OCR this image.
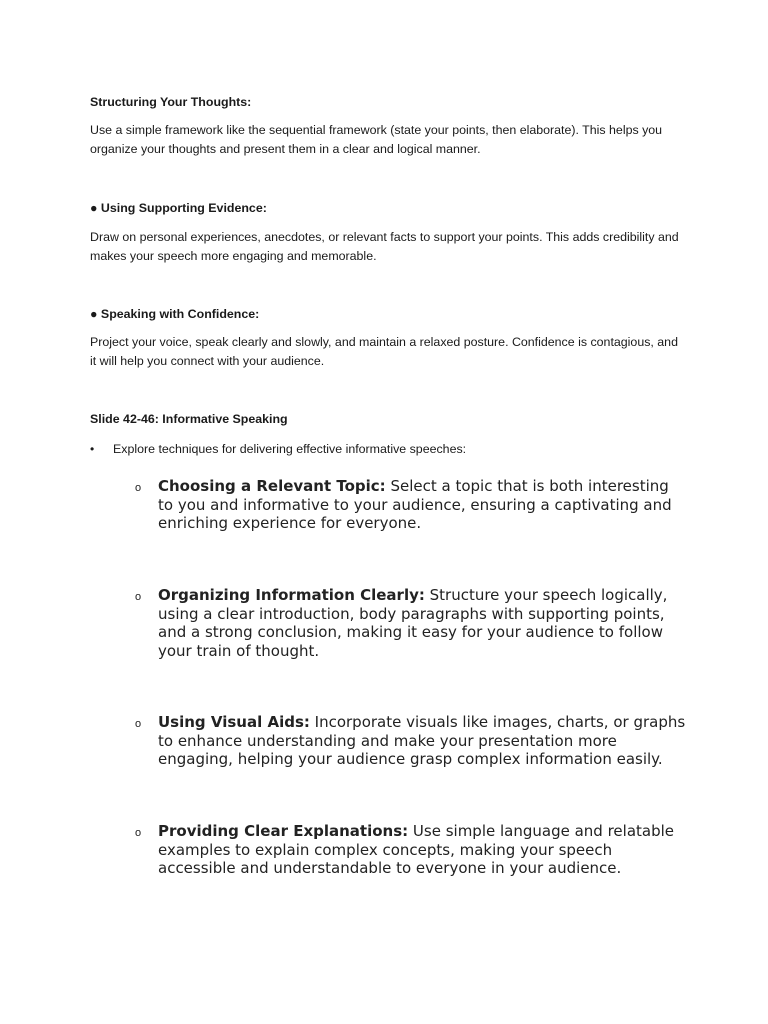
Structuring Your Thoughts:
Use a simple framework like the sequential framework (state your points, then elaborate). This helps you organize your thoughts and present them in a clear and logical manner.
● Using Supporting Evidence:
Draw on personal experiences, anecdotes, or relevant facts to support your points. This adds credibility and makes your speech more engaging and memorable.
● Speaking with Confidence:
Project your voice, speak clearly and slowly, and maintain a relaxed posture. Confidence is contagious, and it will help you connect with your audience.
Slide 42-46: Informative Speaking
• Explore techniques for delivering effective informative speeches:
o Choosing a Relevant Topic: Select a topic that is both interesting to you and informative to your audience, ensuring a captivating and enriching experience for everyone.
o Organizing Information Clearly: Structure your speech logically, using a clear introduction, body paragraphs with supporting points, and a strong conclusion, making it easy for your audience to follow your train of thought.
o Using Visual Aids: Incorporate visuals like images, charts, or graphs to enhance understanding and make your presentation more engaging, helping your audience grasp complex information easily.
o Providing Clear Explanations: Use simple language and relatable examples to explain complex concepts, making your speech accessible and understandable to everyone in your audience.
